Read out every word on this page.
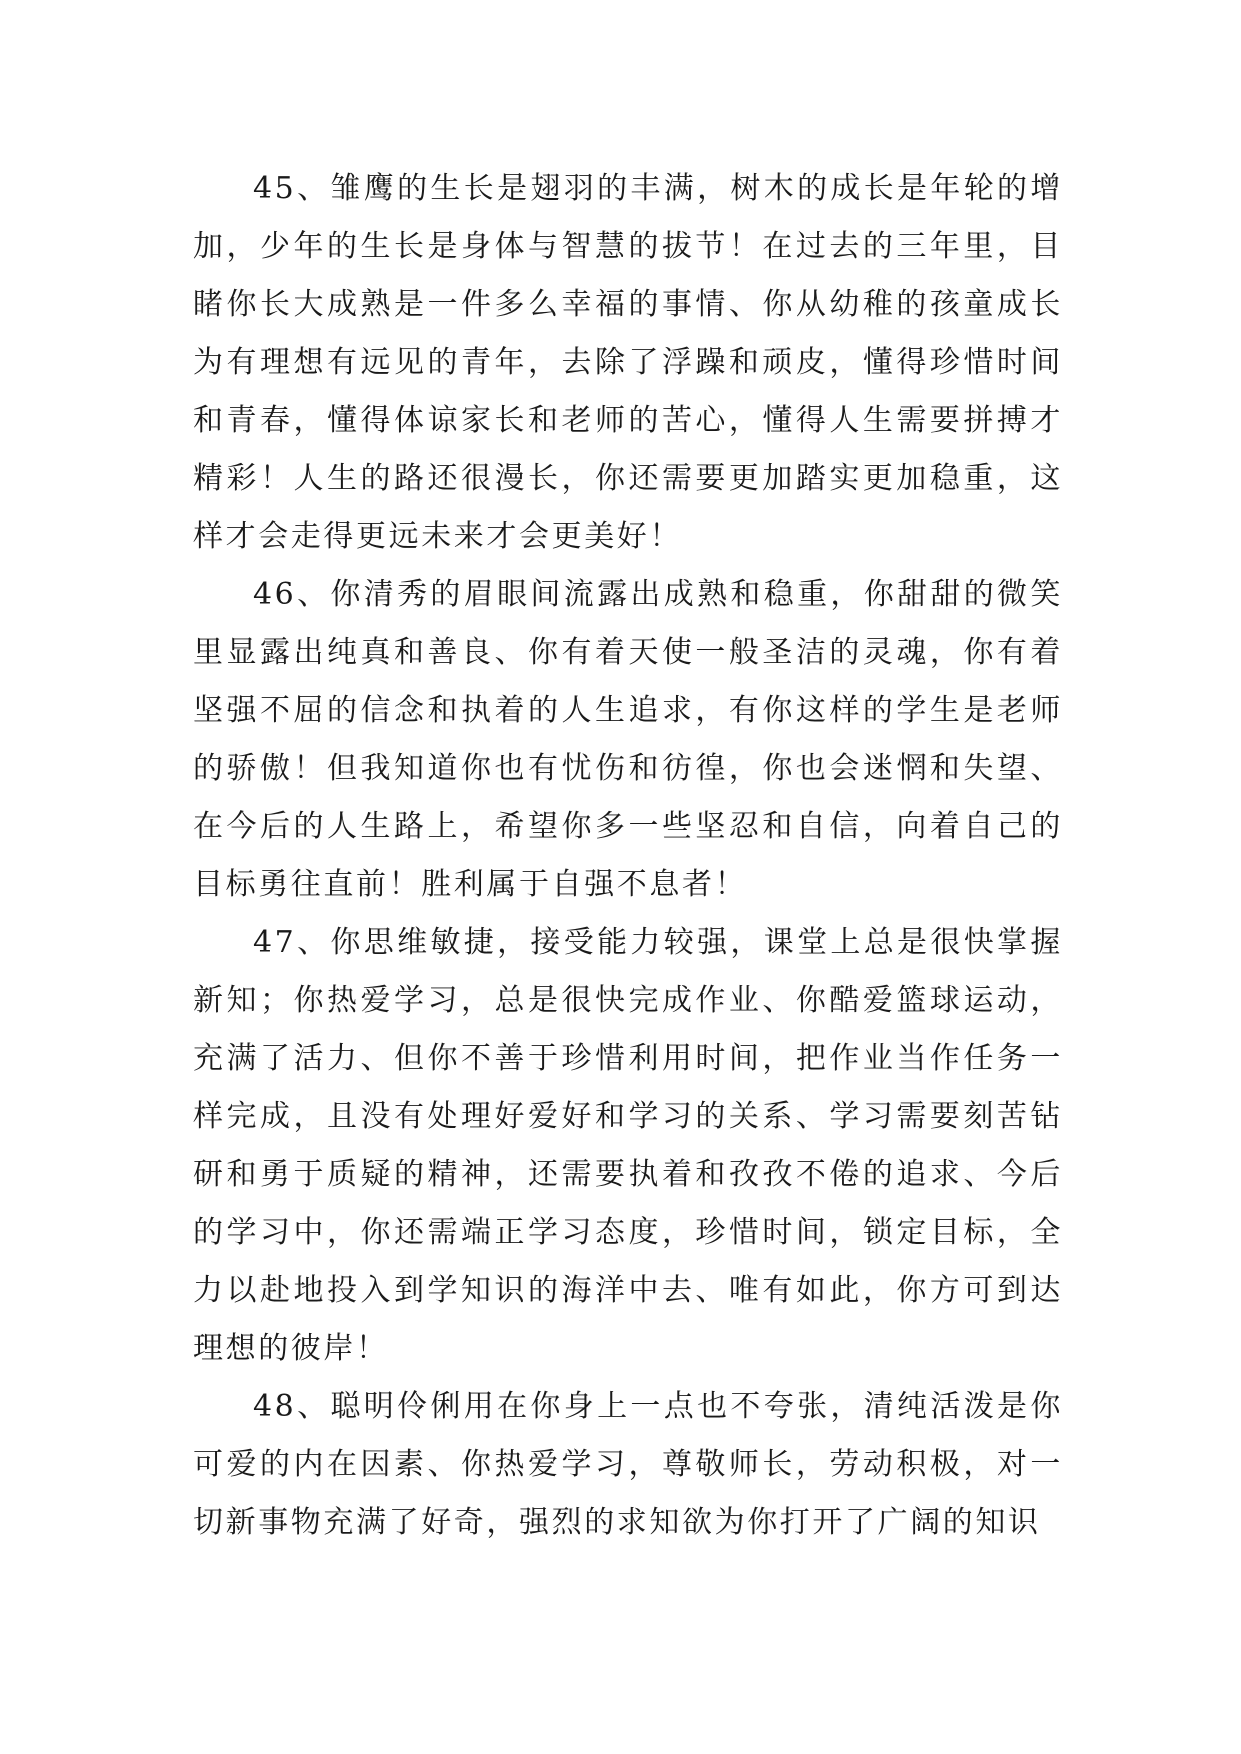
45、雏鹰的生长是翅羽的丰满，树木的成长是年轮的增加，少年的生长是身体与智慧的拔节！在过去的三年里，目睹你长大成熟是一件多么幸福的事情、你从幼稚的孩童成长为有理想有远见的青年，去除了浮躁和顽皮，懂得珍惜时间和青春，懂得体谅家长和老师的苦心，懂得人生需要拼搏才精彩！人生的路还很漫长，你还需要更加踏实更加稳重，这样才会走得更远未来才会更美好！

46、你清秀的眉眼间流露出成熟和稳重，你甜甜的微笑里显露出纯真和善良、你有着天使一般圣洁的灵魂，你有着坚强不屈的信念和执着的人生追求，有你这样的学生是老师的骄傲！但我知道你也有忧伤和彷徨，你也会迷惘和失望、在今后的人生路上，希望你多一些坚忍和自信，向着自己的目标勇往直前！胜利属于自强不息者！

47、你思维敏捷，接受能力较强，课堂上总是很快掌握新知；你热爱学习，总是很快完成作业、你酷爱篮球运动，充满了活力、但你不善于珍惜利用时间，把作业当作任务一样完成，且没有处理好爱好和学习的关系、学习需要刻苦钻研和勇于质疑的精神，还需要执着和孜孜不倦的追求、今后的学习中，你还需端正学习态度，珍惜时间，锁定目标，全力以赴地投入到学知识的海洋中去、唯有如此，你方可到达理想的彼岸！

48、聪明伶俐用在你身上一点也不夸张，清纯活泼是你可爱的内在因素、你热爱学习，尊敬师长，劳动积极，对一切新事物充满了好奇，强烈的求知欲为你打开了广阔的知识
